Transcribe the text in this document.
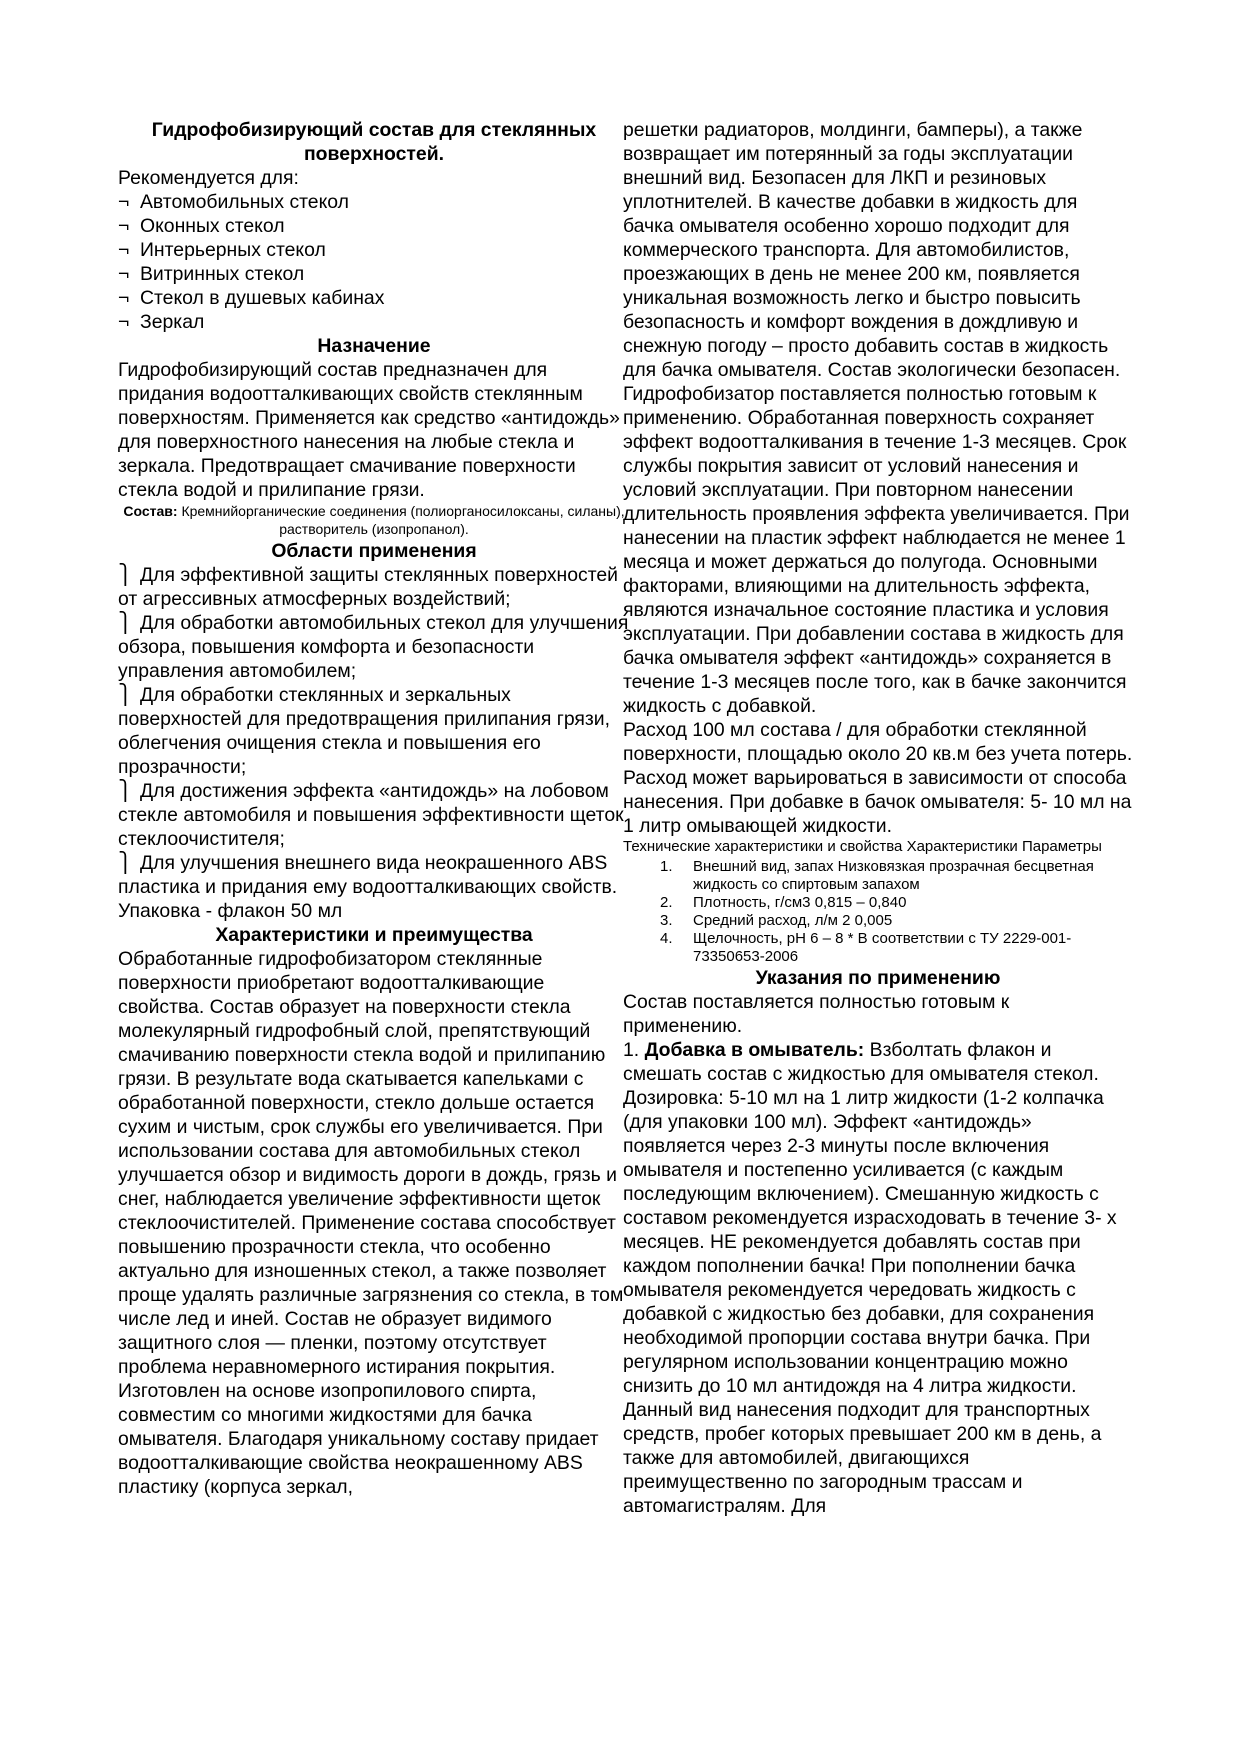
Гидрофобизирующий состав для стеклянных поверхностей.

Рекомендуется для:

¬ Автомобильных стекол

¬ Оконных стекол

¬ Интерьерных стекол

¬ Витринных стекол

¬ Стекол в душевых кабинах

¬ Зеркал

Назначение

Гидрофобизирующий состав предназначен для придания водоотталкивающих свойств стеклянным поверхностям. Применяется как средство «антидождь» для поверхностного нанесения на любые стекла и зеркала. Предотвращает смачивание поверхности стекла водой и прилипание грязи.

Состав: Кремнийорганические соединения (полиорганосилоксаны, силаны), растворитель (изопропанол).

Области применения

⎫ Для эффективной защиты стеклянных поверхностей от агрессивных атмосферных воздействий;

⎫ Для обработки автомобильных стекол для улучшения обзора, повышения комфорта и безопасности управления автомобилем;

⎫ Для обработки стеклянных и зеркальных поверхностей для предотвращения прилипания грязи, облегчения очищения стекла и повышения его прозрачности;

⎫ Для достижения эффекта «антидождь» на лобовом стекле автомобиля и повышения эффективности щеток стеклоочистителя;

⎫ Для улучшения внешнего вида неокрашенного ABS пластика и придания ему водоотталкивающих свойств.

Упаковка - флакон 50 мл

Характеристики и преимущества

Обработанные гидрофобизатором стеклянные поверхности приобретают водоотталкивающие свойства. Состав образует на поверхности стекла молекулярный гидрофобный слой, препятствующий смачиванию поверхности стекла водой и прилипанию грязи. В результате вода скатывается капельками с обработанной поверхности, стекло дольше остается сухим и чистым, срок службы его увеличивается. При использовании состава для автомобильных стекол улучшается обзор и видимость дороги в дождь, грязь и снег, наблюдается увеличение эффективности щеток стеклоочистителей. Применение состава способствует повышению прозрачности стекла, что особенно актуально для изношенных стекол, а также позволяет проще удалять различные загрязнения со стекла, в том числе лед и иней. Состав не образует видимого защитного слоя — пленки, поэтому отсутствует проблема неравномерного истирания покрытия. Изготовлен на основе изопропилового спирта, совместим со многими жидкостями для бачка омывателя. Благодаря уникальному составу придает водоотталкивающие свойства неокрашенному ABS пластику (корпуса зеркал,

решетки радиаторов, молдинги, бамперы), а также возвращает им потерянный за годы эксплуатации внешний вид. Безопасен для ЛКП и резиновых уплотнителей. В качестве добавки в жидкость для бачка омывателя особенно хорошо подходит для коммерческого транспорта. Для автомобилистов, проезжающих в день не менее 200 км, появляется уникальная возможность легко и быстро повысить безопасность и комфорт вождения в дождливую и снежную погоду – просто добавить состав в жидкость для бачка омывателя. Состав экологически безопасен. Гидрофобизатор поставляется полностью готовым к применению. Обработанная поверхность сохраняет эффект водоотталкивания в течение 1-3 месяцев. Срок службы покрытия зависит от условий нанесения и условий эксплуатации. При повторном нанесении длительность проявления эффекта увеличивается. При нанесении на пластик эффект наблюдается не менее 1 месяца и может держаться до полугода. Основными факторами, влияющими на длительность эффекта, являются изначальное состояние пластика и условия эксплуатации. При добавлении состава в жидкость для бачка омывателя эффект «антидождь» сохраняется в течение 1-3 месяцев после того, как в бачке закончится жидкость с добавкой.

Расход 100 мл состава / для обработки стеклянной поверхности, площадью около 20 кв.м без учета потерь. Расход может варьироваться в зависимости от способа нанесения. При добавке в бачок омывателя: 5- 10 мл на 1 литр омывающей жидкости.

Технические характеристики и свойства Характеристики Параметры

1. Внешний вид, запах Низковязкая прозрачная бесцветная жидкость со спиртовым запахом
2. Плотность, г/см3 0,815 – 0,840
3. Средний расход, л/м 2 0,005
4. Щелочность, pH 6 – 8 * В соответствии с ТУ 2229-001-73350653-2006

Указания по применению

Состав поставляется полностью готовым к применению.

1. Добавка в омыватель: Взболтать флакон и смешать состав с жидкостью для омывателя стекол. Дозировка: 5-10 мл на 1 литр жидкости (1-2 колпачка (для упаковки 100 мл). Эффект «антидождь» появляется через 2-3 минуты после включения омывателя и постепенно усиливается (с каждым последующим включением). Смешанную жидкость с составом рекомендуется израсходовать в течение 3- х месяцев. НЕ рекомендуется добавлять состав при каждом пополнении бачка! При пополнении бачка омывателя рекомендуется чередовать жидкость с добавкой с жидкостью без добавки, для сохранения необходимой пропорции состава внутри бачка. При регулярном использовании концентрацию можно снизить до 10 мл антидождя на 4 литра жидкости. Данный вид нанесения подходит для транспортных средств, пробег которых превышает 200 км в день, а также для автомобилей, двигающихся преимущественно по загородным трассам и автомагистралям. Для
